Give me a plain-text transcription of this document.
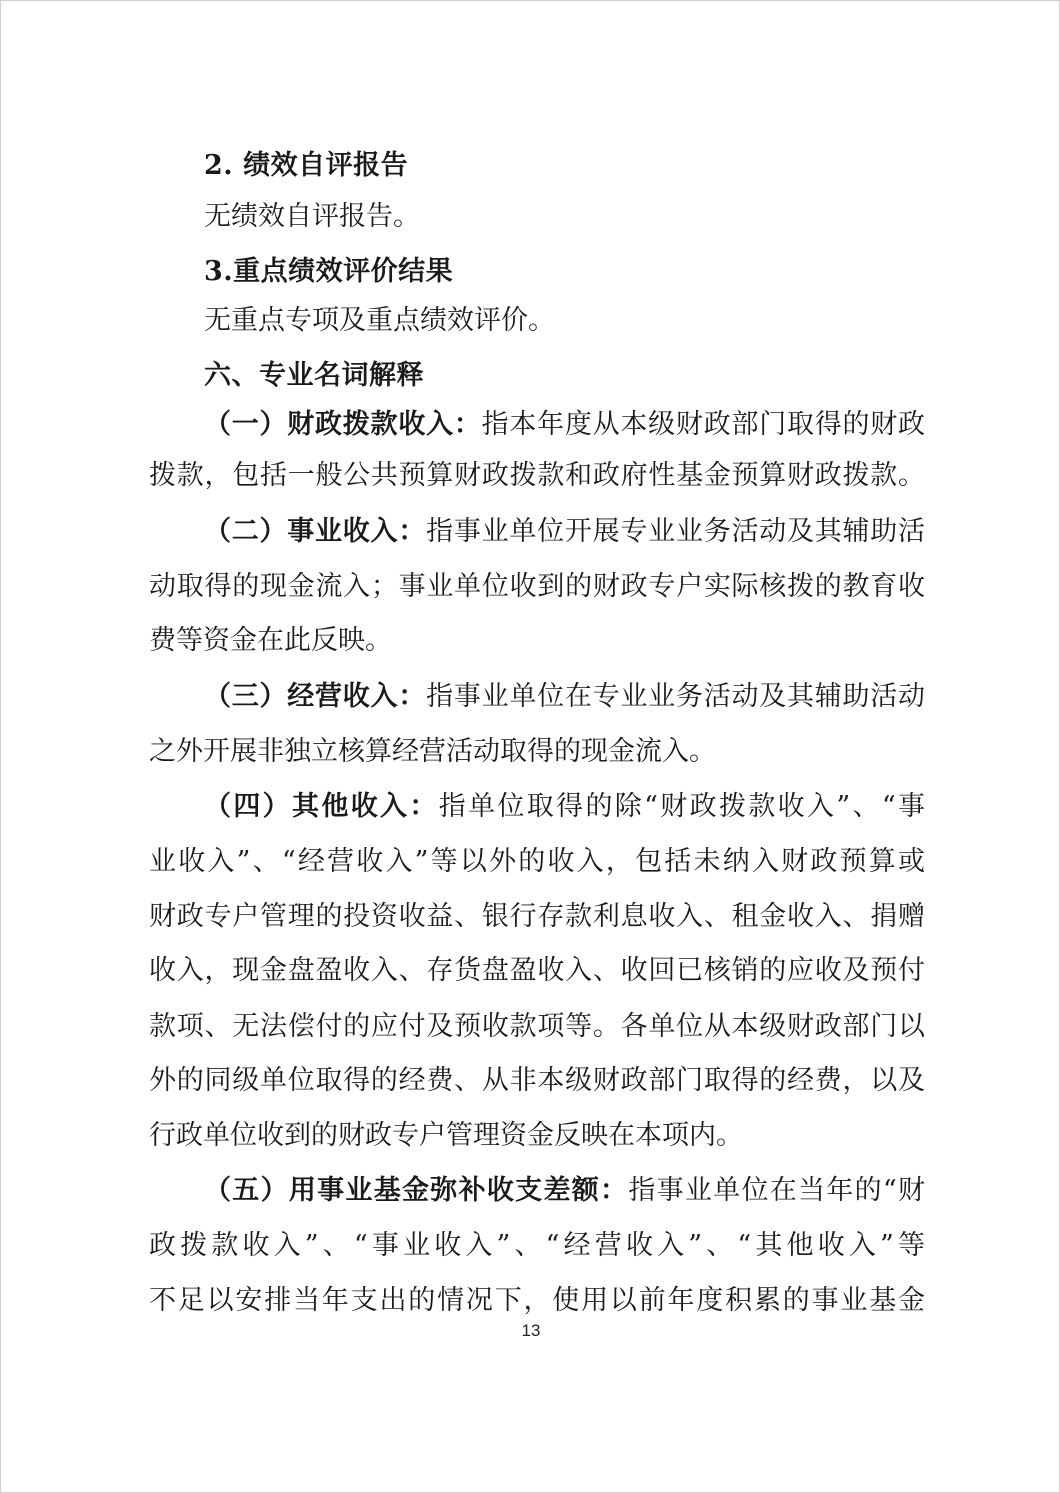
2. 绩效自评报告
无绩效自评报告。
3.重点绩效评价结果
无重点专项及重点绩效评价。
六、专业名词解释
（一）财政拨款收入：指本年度从本级财政部门取得的财政
拨款，包括一般公共预算财政拨款和政府性基金预算财政拨款。
（二）事业收入：指事业单位开展专业业务活动及其辅助活
动取得的现金流入；事业单位收到的财政专户实际核拨的教育收
费等资金在此反映。
（三）经营收入：指事业单位在专业业务活动及其辅助活动
之外开展非独立核算经营活动取得的现金流入。
（四）其他收入：指单位取得的除“财政拨款收入”、“事
业收入”、“经营收入”等以外的收入，包括未纳入财政预算或
财政专户管理的投资收益、银行存款利息收入、租金收入、捐赠
收入，现金盘盈收入、存货盘盈收入、收回已核销的应收及预付
款项、无法偿付的应付及预收款项等。各单位从本级财政部门以
外的同级单位取得的经费、从非本级财政部门取得的经费，以及
行政单位收到的财政专户管理资金反映在本项内。
（五）用事业基金弥补收支差额：指事业单位在当年的“财
政拨款收入”、“事业收入”、“经营收入”、“其他收入”等
不足以安排当年支出的情况下，使用以前年度积累的事业基金
13
